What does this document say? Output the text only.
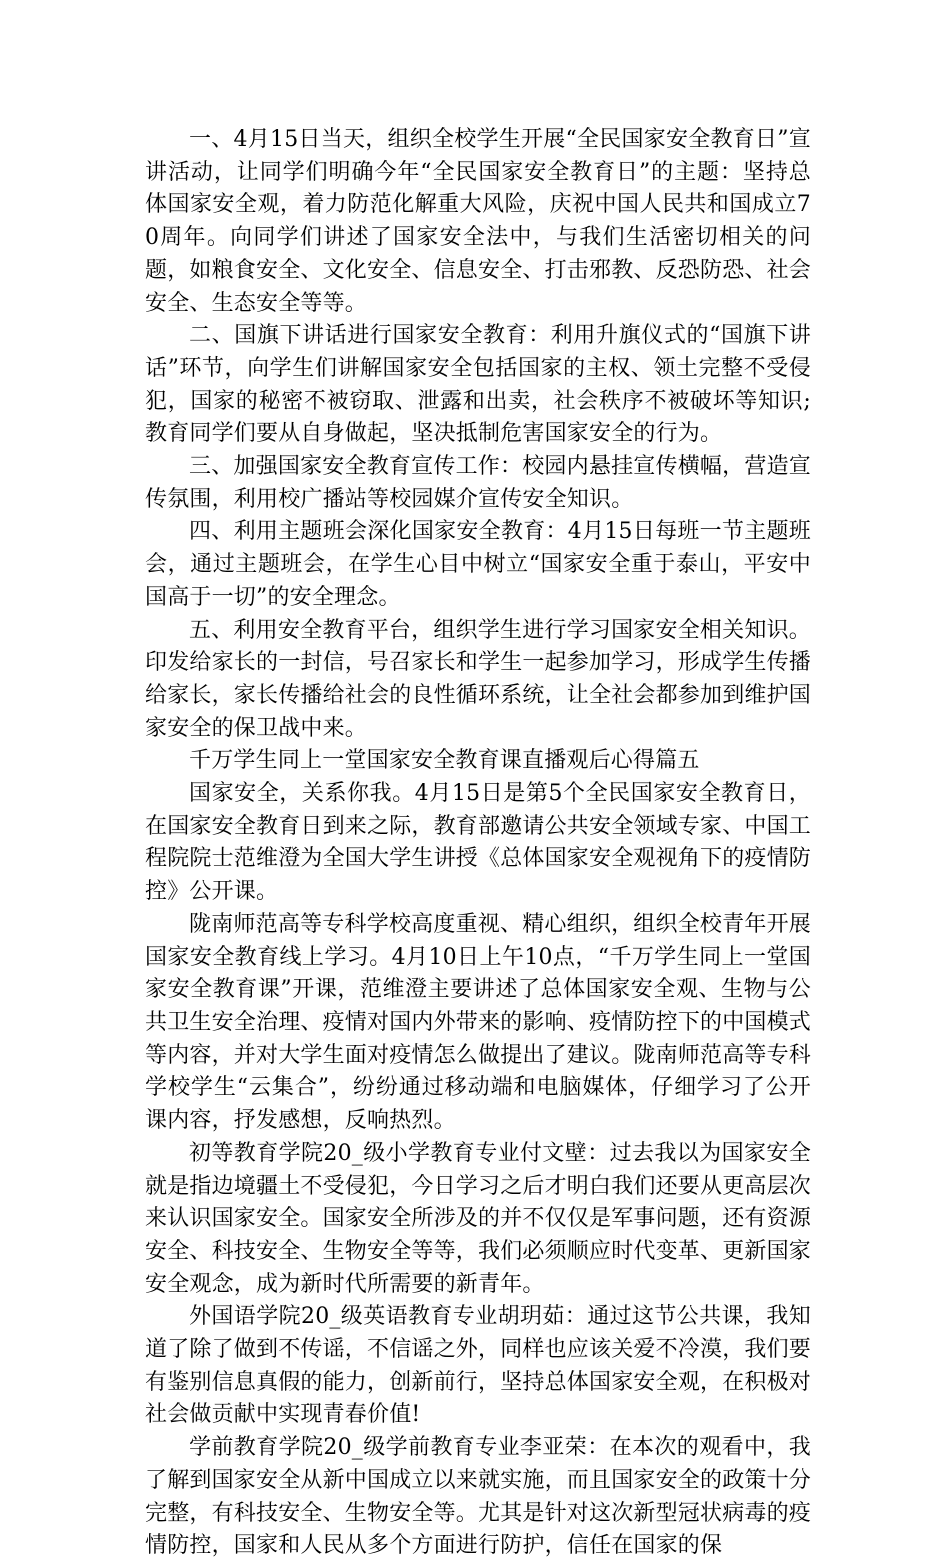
一、4月15日当天，组织全校学生开展“全民国家安全教育日”宣讲活动，让同学们明确今年“全民国家安全教育日”的主题：坚持总体国家安全观，着力防范化解重大风险，庆祝中国人民共和国成立70周年。向同学们讲述了国家安全法中，与我们生活密切相关的问题，如粮食安全、文化安全、信息安全、打击邪教、反恐防恐、社会安全、生态安全等等。

二、国旗下讲话进行国家安全教育：利用升旗仪式的“国旗下讲话”环节，向学生们讲解国家安全包括国家的主权、领土完整不受侵犯，国家的秘密不被窃取、泄露和出卖，社会秩序不被破坏等知识;教育同学们要从自身做起，坚决抵制危害国家安全的行为。

三、加强国家安全教育宣传工作：校园内悬挂宣传横幅，营造宣传氛围，利用校广播站等校园媒介宣传安全知识。

四、利用主题班会深化国家安全教育：4月15日每班一节主题班会，通过主题班会，在学生心目中树立“国家安全重于泰山，平安中国高于一切”的安全理念。

五、利用安全教育平台，组织学生进行学习国家安全相关知识。印发给家长的一封信，号召家长和学生一起参加学习，形成学生传播给家长，家长传播给社会的良性循环系统，让全社会都参加到维护国家安全的保卫战中来。

千万学生同上一堂国家安全教育课直播观后心得篇五

国家安全，关系你我。4月15日是第5个全民国家安全教育日，在国家安全教育日到来之际，教育部邀请公共安全领域专家、中国工程院院士范维澄为全国大学生讲授《总体国家安全观视角下的疫情防控》公开课。

陇南师范高等专科学校高度重视、精心组织，组织全校青年开展国家安全教育线上学习。4月10日上午10点，“千万学生同上一堂国家安全教育课”开课，范维澄主要讲述了总体国家安全观、生物与公共卫生安全治理、疫情对国内外带来的影响、疫情防控下的中国模式等内容，并对大学生面对疫情怎么做提出了建议。陇南师范高等专科学校学生“云集合”，纷纷通过移动端和电脑媒体，仔细学习了公开课内容，抒发感想，反响热烈。

初等教育学院20_级小学教育专业付文壁：过去我以为国家安全就是指边境疆土不受侵犯，今日学习之后才明白我们还要从更高层次来认识国家安全。国家安全所涉及的并不仅仅是军事问题，还有资源安全、科技安全、生物安全等等，我们必须顺应时代变革、更新国家安全观念，成为新时代所需要的新青年。

外国语学院20_级英语教育专业胡玥茹：通过这节公共课，我知道了除了做到不传谣，不信谣之外，同样也应该关爱不冷漠，我们要有鉴别信息真假的能力，创新前行，坚持总体国家安全观，在积极对社会做贡献中实现青春价值!

学前教育学院20_级学前教育专业李亚荣：在本次的观看中，我了解到国家安全从新中国成立以来就实施，而且国家安全的政策十分完整，有科技安全、生物安全等。尤其是针对这次新型冠状病毒的疫情防控，国家和人民从多个方面进行防护，信任在国家的保
